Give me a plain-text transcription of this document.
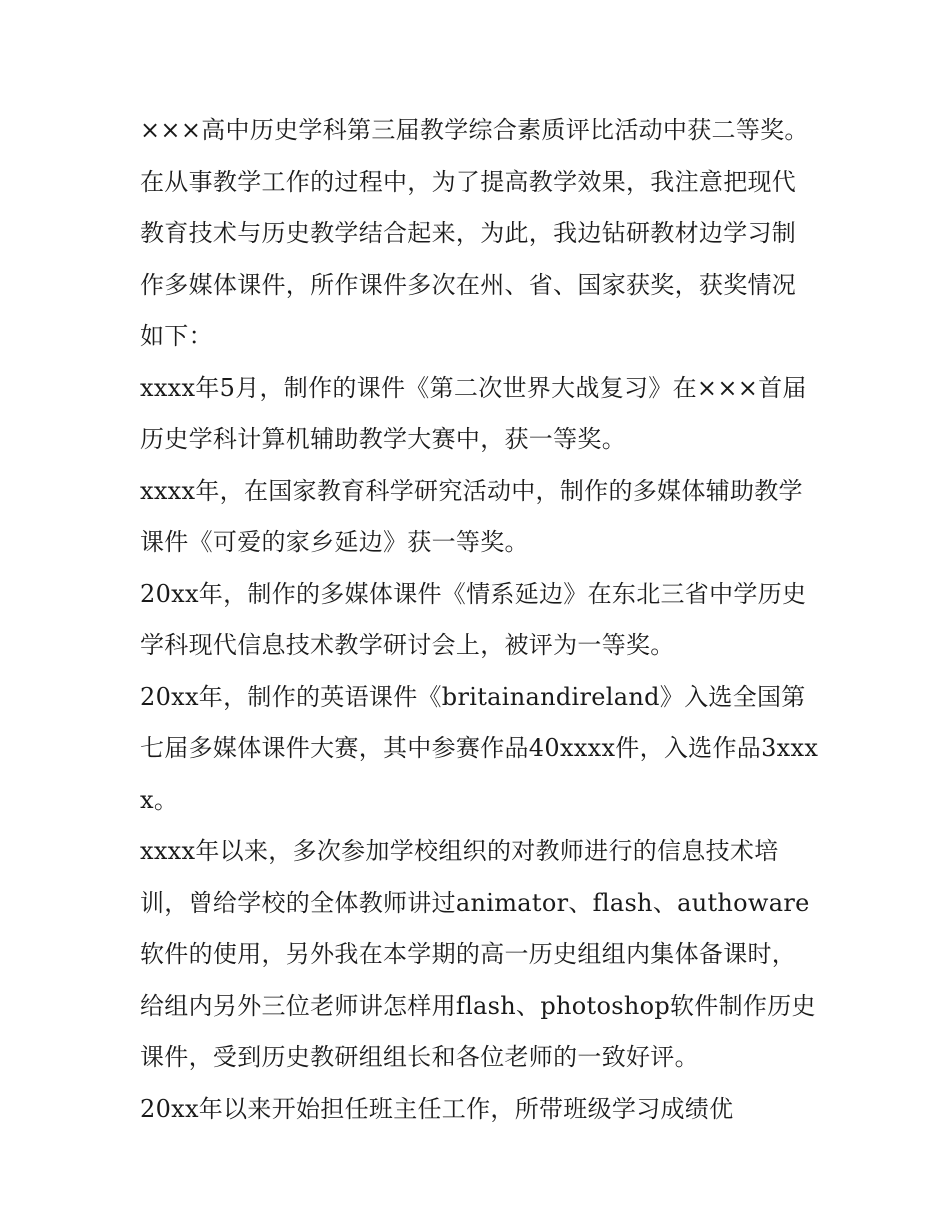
×××高中历史学科第三届教学综合素质评比活动中获二等奖。

在从事教学工作的过程中，为了提高教学效果，我注意把现代教育技术与历史教学结合起来，为此，我边钻研教材边学习制作多媒体课件，所作课件多次在州、省、国家获奖，获奖情况如下：

xxxx年5月，制作的课件《第二次世界大战复习》在×××首届历史学科计算机辅助教学大赛中，获一等奖。

xxxx年，在国家教育科学研究活动中，制作的多媒体辅助教学课件《可爱的家乡延边》获一等奖。

20xx年，制作的多媒体课件《情系延边》在东北三省中学历史学科现代信息技术教学研讨会上，被评为一等奖。

20xx年，制作的英语课件《britainandireland》入选全国第七届多媒体课件大赛，其中参赛作品40xxxx件，入选作品3xxxx。

xxxx年以来，多次参加学校组织的对教师进行的信息技术培训，曾给学校的全体教师讲过animator、flash、authoware软件的使用，另外我在本学期的高一历史组组内集体备课时，给组内另外三位老师讲怎样用flash、photoshop软件制作历史课件，受到历史教研组组长和各位老师的一致好评。

20xx年以来开始担任班主任工作，所带班级学习成绩优
